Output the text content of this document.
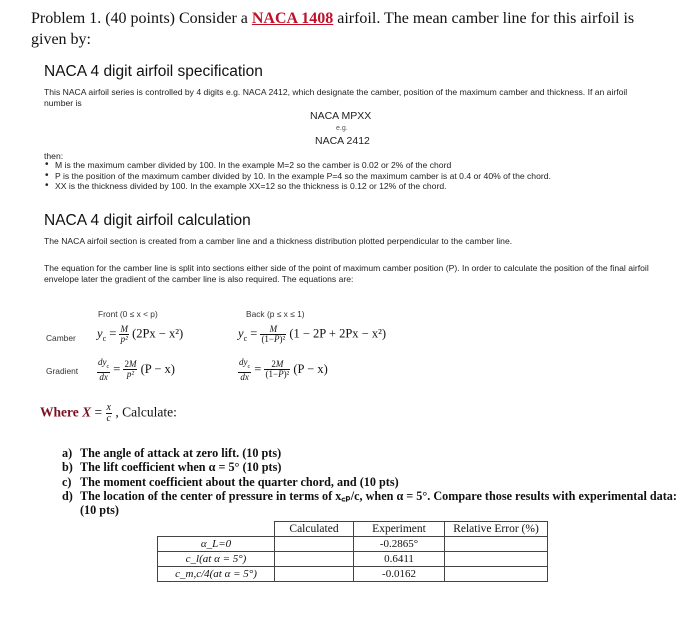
Problem 1. (40 points) Consider a NACA 1408 airfoil. The mean camber line for this airfoil is
given by:
NACA 4 digit airfoil specification
This NACA airfoil series is controlled by 4 digits e.g. NACA 2412, which designate the camber, position of the maximum camber and thickness. If an airfoil number is
NACA MPXX
e.g.
NACA 2412
then:
• M is the maximum camber divided by 100. In the example M=2 so the camber is 0.02 or 2% of the chord
• P is the position of the maximum camber divided by 10. In the example P=4 so the maximum camber is at 0.4 or 40% of the chord.
• XX is the thickness divided by 100. In the example XX=12 so the thickness is 0.12 or 12% of the chord.
NACA 4 digit airfoil calculation
The NACA airfoil section is created from a camber line and a thickness distribution plotted perpendicular to the camber line.
The equation for the camber line is split into sections either side of the point of maximum camber position (P). In order to calculate the position of the final airfoil envelope later the gradient of the camber line is also required. The equations are:
Front (0 ≤ x < p)	Back (p ≤ x ≤ 1)
Camber $y_c = \frac{M}{\text{p²}} (2Px - x^2)$	$y_c = \frac{M}{\text{(1−P)²}} (1 - 2P + 2Px - x^2)$
Gradient $\frac{dy_c}{dx} = \frac{2M}{\text{p²}} (P - x)$	$\frac{dy_c}{dx} = \frac{2M}{\text{(1−P)²}} (P - x)$
Where $X = \frac{x}{c}$ , Calculate:
a) The angle of attack at zero lift. (10 pts)
b) The lift coefficient when α = 5° (10 pts)
c) The moment coefficient about the quarter chord, and (10 pts)
d) The location of the center of pressure in terms of x꜀ₚ/c, when α = 5°. Compare those results with experimental data: (10 pts)
	Calculated	Experiment	Relative Error (%)
α_L=0		-0.2865°	
c_l(at α = 5°)		0.6411	
c_m,c/4(at α = 5°)		-0.0162	
